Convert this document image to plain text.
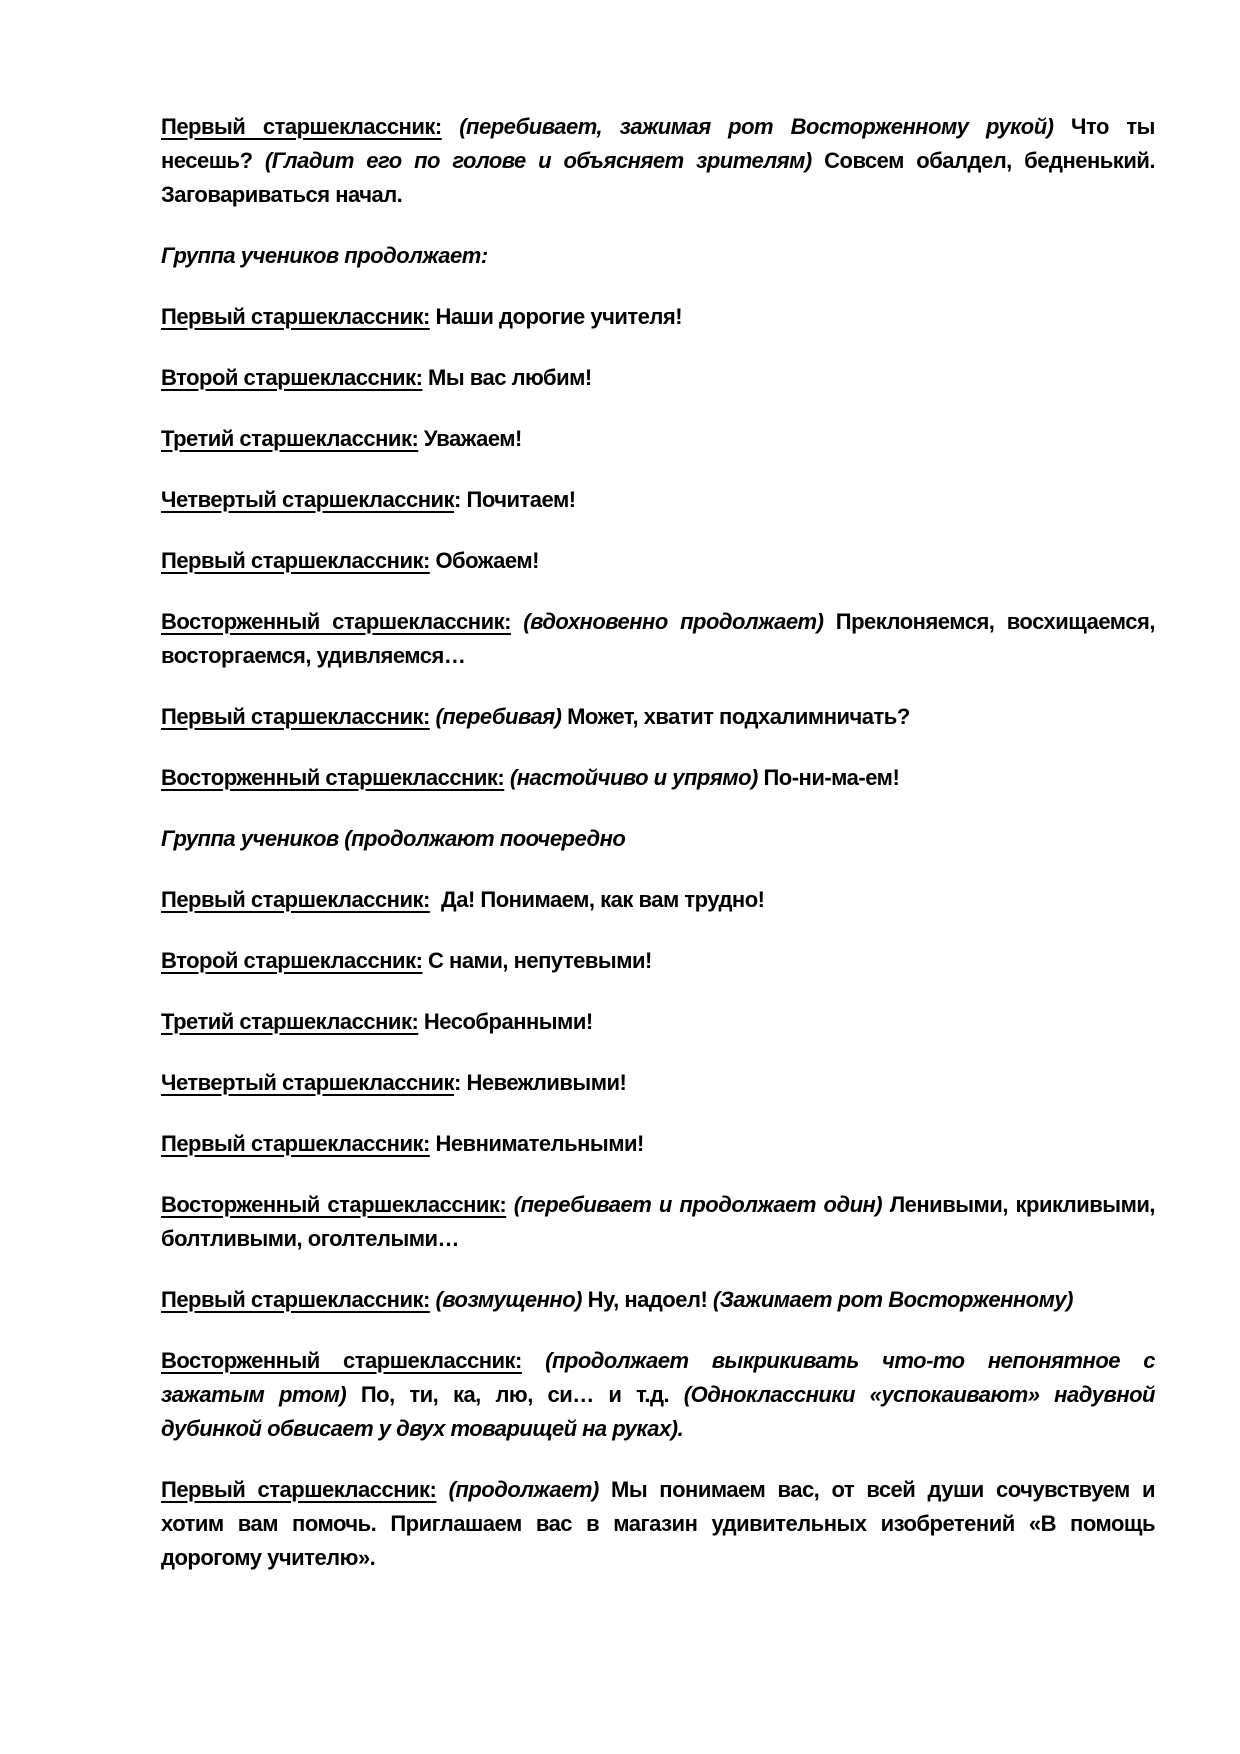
Первый старшеклассник: (перебивает, зажимая рот Восторженному рукой) Что ты несешь? (Гладит его по голове и объясняет зрителям) Совсем обалдел, бедненький. Заговариваться начал.

Группа учеников продолжает:

Первый старшеклассник: Наши дорогие учителя!

Второй старшеклассник: Мы вас любим!

Третий старшеклассник: Уважаем!

Четвертый старшеклассник: Почитаем!

Первый старшеклассник: Обожаем!

Восторженный старшеклассник: (вдохновенно продолжает) Преклоняемся, восхищаемся, восторгаемся, удивляемся…

Первый старшеклассник: (перебивая) Может, хватит подхалимничать?

Восторженный старшеклассник: (настойчиво и упрямо) По-ни-ма-ем!

Группа учеников (продолжают поочередно

Первый старшеклассник:  Да! Понимаем, как вам трудно!

Второй старшеклассник: С нами, непутевыми!

Третий старшеклассник: Несобранными!

Четвертый старшеклассник: Невежливыми!

Первый старшеклассник: Невнимательными!

Восторженный старшеклассник: (перебивает и продолжает один) Ленивыми, крикливыми, болтливыми, оголтелыми…

Первый старшеклассник: (возмущенно) Ну, надоел! (Зажимает рот Восторженному)

Восторженный старшеклассник: (продолжает выкрикивать что-то непонятное с зажатым ртом) По, ти, ка, лю, си… и т.д. (Одноклассники «успокаивают» надувной дубинкой обвисает у двух товарищей на руках).

Первый старшеклассник: (продолжает) Мы понимаем вас, от всей души сочувствуем и хотим вам помочь. Приглашаем вас в магазин удивительных изобретений «В помощь дорогому учителю».
